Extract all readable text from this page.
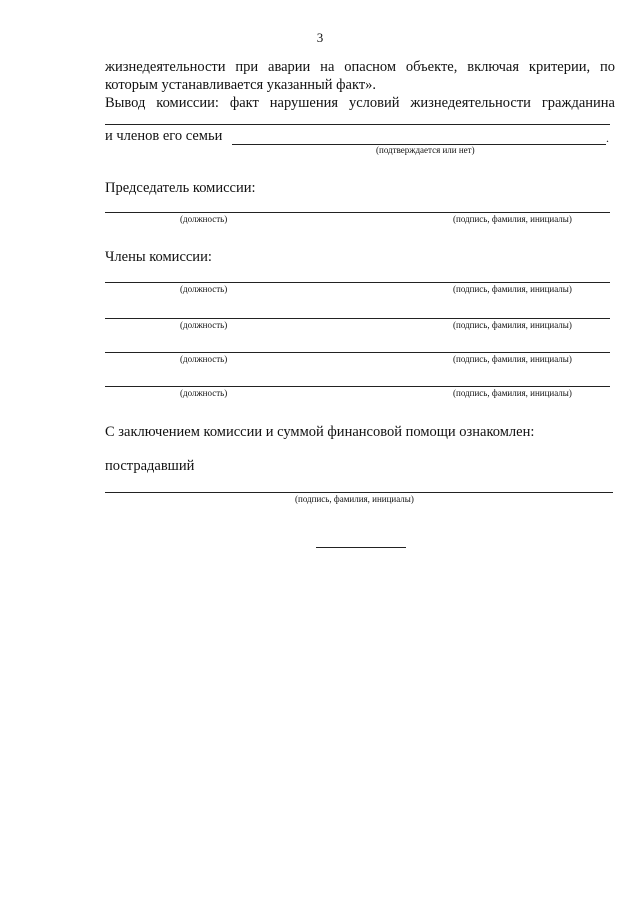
3
жизнедеятельности при аварии на опасном объекте, включая критерии, по
которым устанавливается указанный факт».
Вывод комиссии: факт нарушения условий жизнедеятельности гражданина
и членов его семьи	.
(подтверждается или нет)
Председатель комиссии:
(должность)	(подпись, фамилия, инициалы)
Члены комиссии:
(должность)	(подпись, фамилия, инициалы)
(должность)	(подпись, фамилия, инициалы)
(должность)	(подпись, фамилия, инициалы)
(должность)	(подпись, фамилия, инициалы)
С заключением комиссии и суммой финансовой помощи ознакомлен:
пострадавший
(подпись, фамилия, инициалы)
